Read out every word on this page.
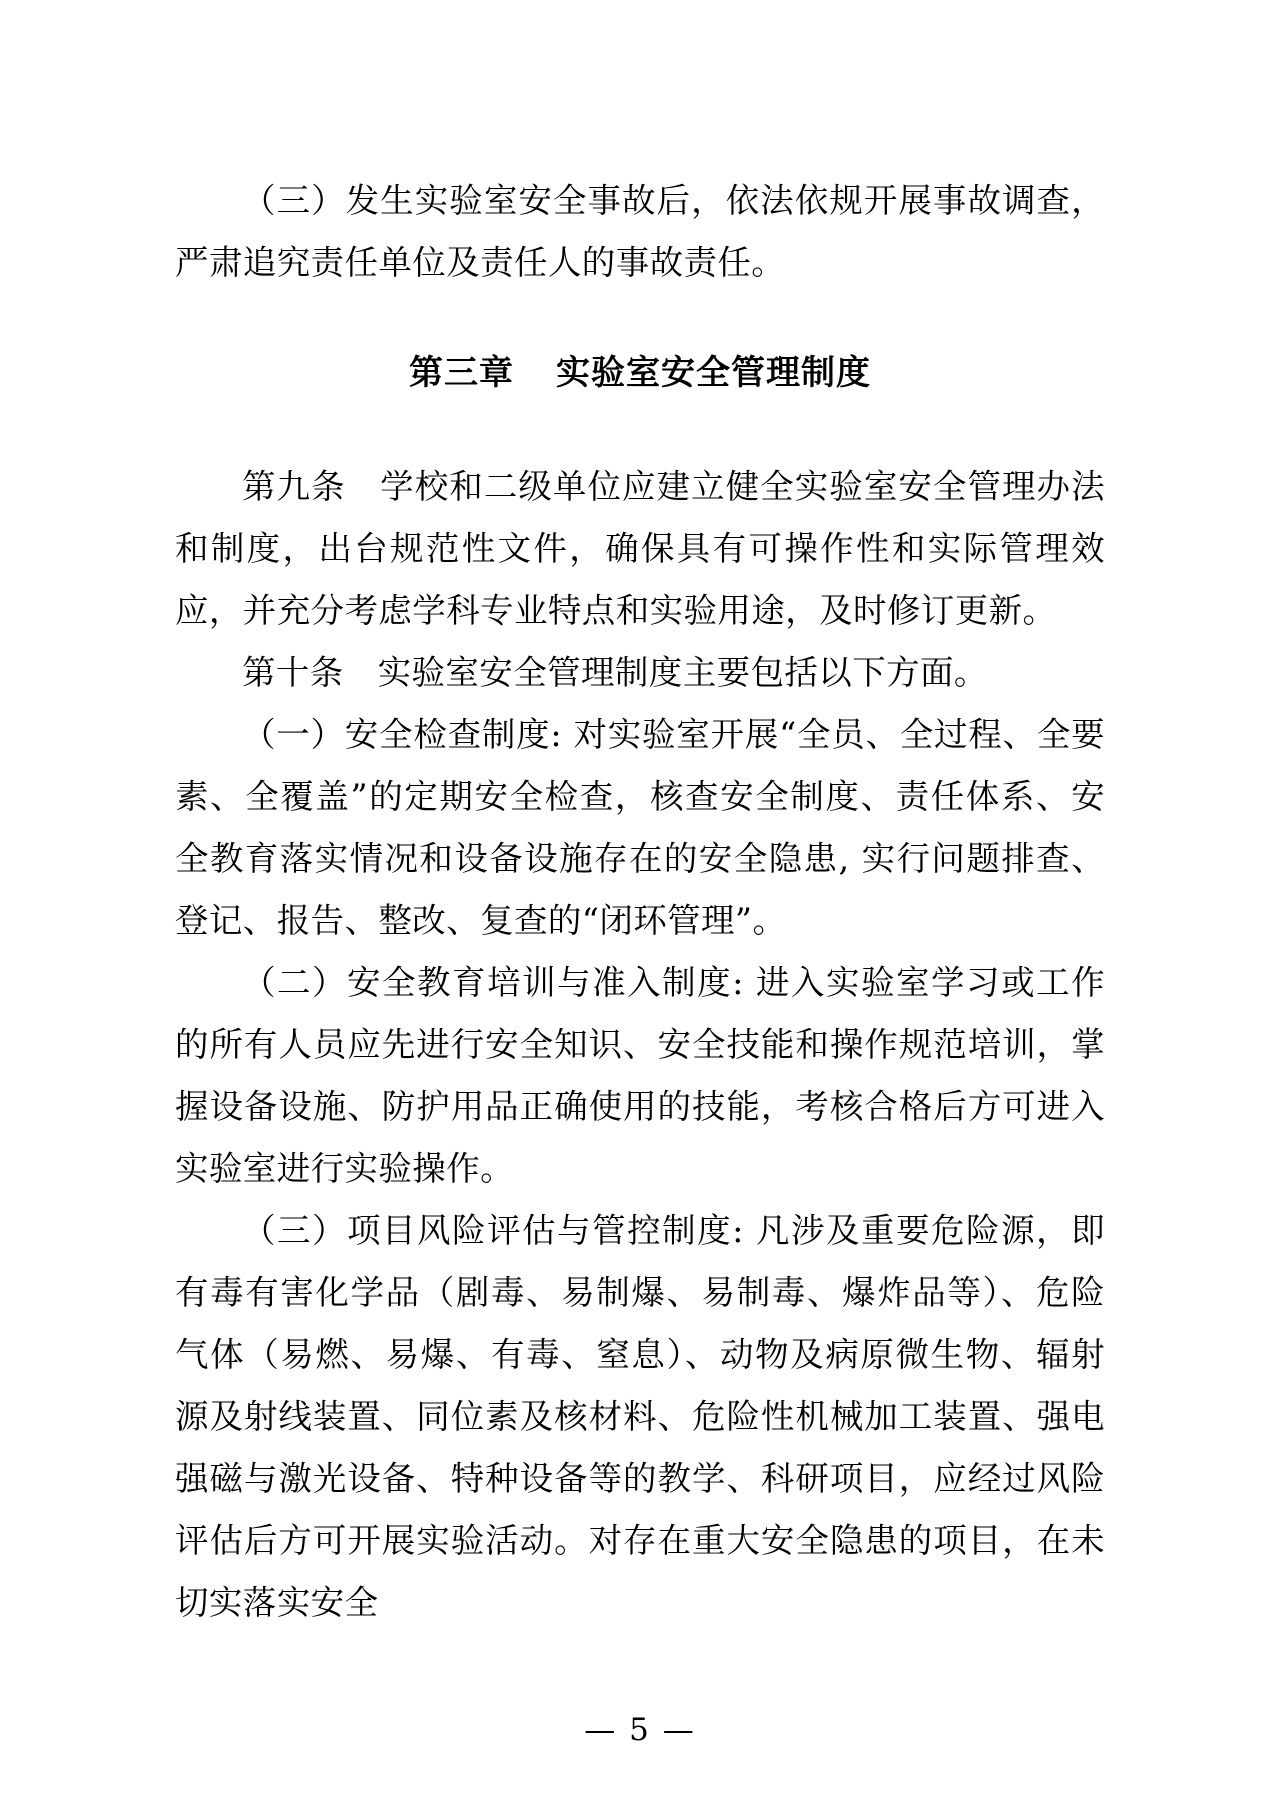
（三）发生实验室安全事故后，依法依规开展事故调查，严肃追究责任单位及责任人的事故责任。

第三章 实验室安全管理制度

第九条　学校和二级单位应建立健全实验室安全管理办法和制度，出台规范性文件，确保具有可操作性和实际管理效应，并充分考虑学科专业特点和实验用途，及时修订更新。

第十条　实验室安全管理制度主要包括以下方面。

（一）安全检查制度: 对实验室开展“全员、全过程、全要素、全覆盖”的定期安全检查，核查安全制度、责任体系、安全教育落实情况和设备设施存在的安全隐患, 实行问题排查、登记、报告、整改、复查的“闭环管理”。

（二）安全教育培训与准入制度: 进入实验室学习或工作的所有人员应先进行安全知识、安全技能和操作规范培训，掌握设备设施、防护用品正确使用的技能，考核合格后方可进入实验室进行实验操作。

（三）项目风险评估与管控制度: 凡涉及重要危险源，即有毒有害化学品（剧毒、易制爆、易制毒、爆炸品等）、危险气体（易燃、易爆、有毒、窒息）、动物及病原微生物、辐射源及射线装置、同位素及核材料、危险性机械加工装置、强电强磁与激光设备、特种设备等的教学、科研项目，应经过风险评估后方可开展实验活动。对存在重大安全隐患的项目，在未切实落实安全

— 5 —
